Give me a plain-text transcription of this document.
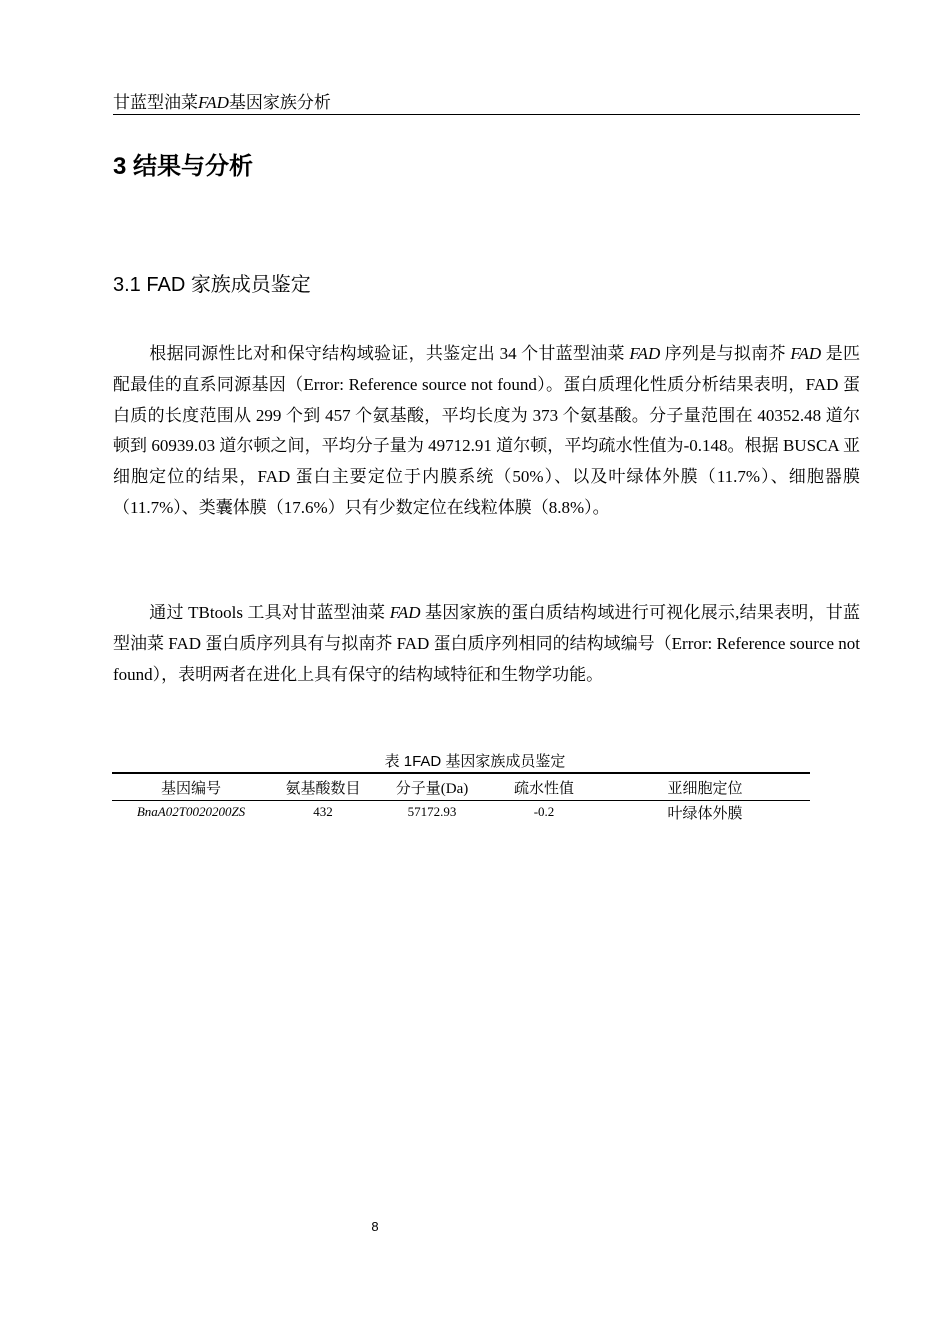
甘蓝型油菜FAD基因家族分析
3 结果与分析
3.1 FAD 家族成员鉴定

根据同源性比对和保守结构域验证，共鉴定出 34 个甘蓝型油菜 FAD 序列是与拟南芥 FAD 是匹配最佳的直系同源基因（Error: Reference source not found）。蛋白质理化性质分析结果表明，FAD 蛋白质的长度范围从 299 个到 457 个氨基酸，平均长度为 373 个氨基酸。分子量范围在 40352.48 道尔顿到 60939.03 道尔顿之间，平均分子量为 49712.91 道尔顿，平均疏水性值为-0.148。根据 BUSCA 亚细胞定位的结果，FAD 蛋白主要定位于内膜系统（50%）、以及叶绿体外膜（11.7%）、细胞器膜（11.7%）、类囊体膜（17.6%）只有少数定位在线粒体膜（8.8%）。

通过 TBtools 工具对甘蓝型油菜 FAD 基因家族的蛋白质结构域进行可视化展示,结果表明，甘蓝型油菜 FAD 蛋白质序列具有与拟南芥 FAD 蛋白质序列相同的结构域编号（Error: Reference source not found），表明两者在进化上具有保守的结构域特征和生物学功能。

表 1FAD 基因家族成员鉴定
基因编号	氨基酸数目	分子量(Da)	疏水性值	亚细胞定位
BnaA02T0020200ZS	432	57172.93	-0.2	叶绿体外膜
8
